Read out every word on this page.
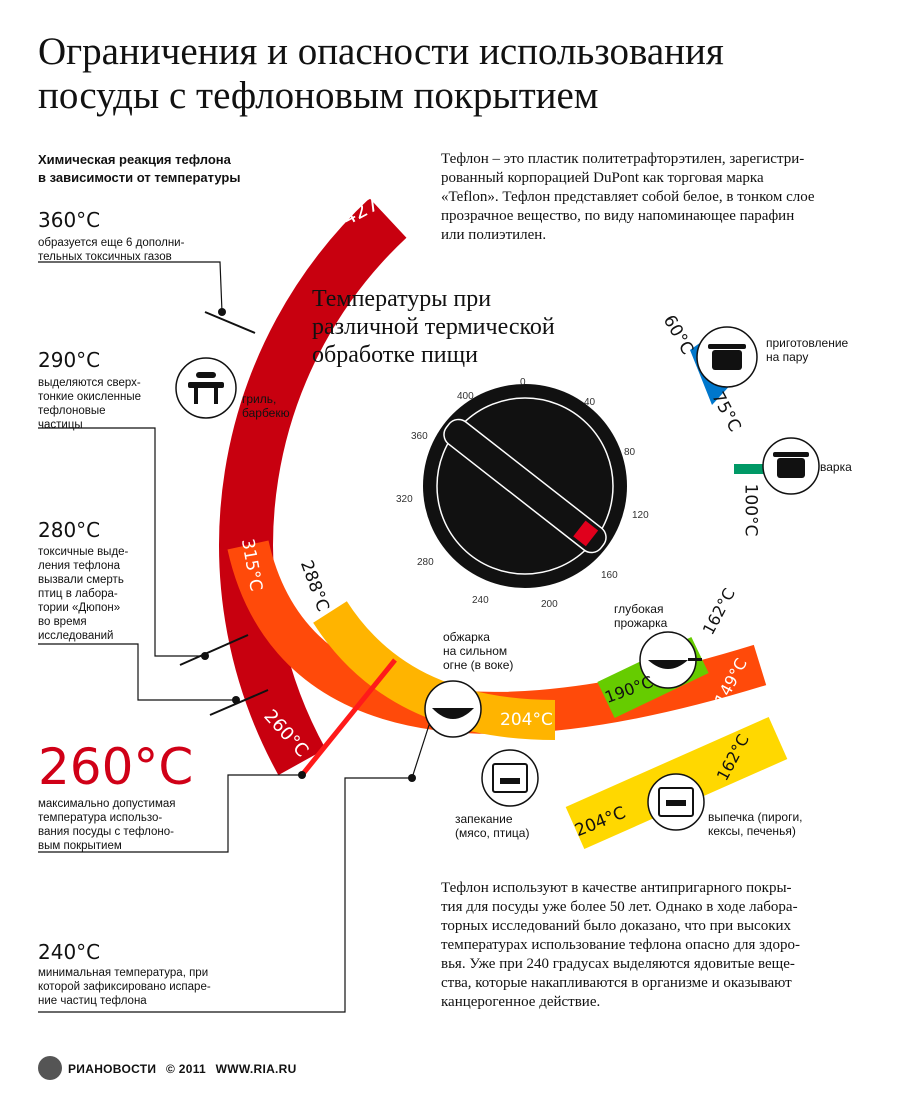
Ограничения и опасности использования
посуды с тефлоновым покрытием
Химическая реакция тефлона
в зависимости от температуры
Тефлон – это пластик политетрафторэтилен, зарегистри-
рованный корпорацией DuPont как торговая марка
«Teflon». Тефлон представляет собой белое, в тонком слое
прозрачное вещество, по виду напоминающее парафин
или полиэтилен.
360°C
образуется еще 6 дополни-
тельных токсичных газов
290°C
выделяются сверх-
тонкие окисленные
тефлоновые
частицы
280°C
токсичные выде-
ления тефлона
вызвали смерть
птиц в лабора-
тории «Дюпон»
во время
исследований
260°C
максимально допустимая
температура использо-
вания посуды с тефлоно-
вым покрытием
240°C
минимальная температура, при
которой зафиксировано испаре-
ние частиц тефлона
Температуры при
различной термической
обработке пищи
0
40
80
120
160
200
240
280
320
360
400
427°C
260°C
315°C 288°C
204°C
60°C
75°C
100°C
190°C
162°C
149°C
204°C
162°C
гриль,
барбекю
приготовление
на пару
варка
глубокая
прожарка
обжарка
на сильном
огне (в воке)
запекание
(мясо, птица)
выпечка (пироги,
кексы, печенья)
Тефлон используют в качестве антипригарного покры-
тия для посуды уже более 50 лет. Однако в ходе лабора-
торных исследований было доказано, что при высоких
температурах использование тефлона опасно для здоро-
вья. Уже при 240 градусах выделяются ядовитые веще-
ства, которые накапливаются в организме и оказывают
канцерогенное действие.
РИАНОВОСТИ © 2011 WWW.RIA.RU
